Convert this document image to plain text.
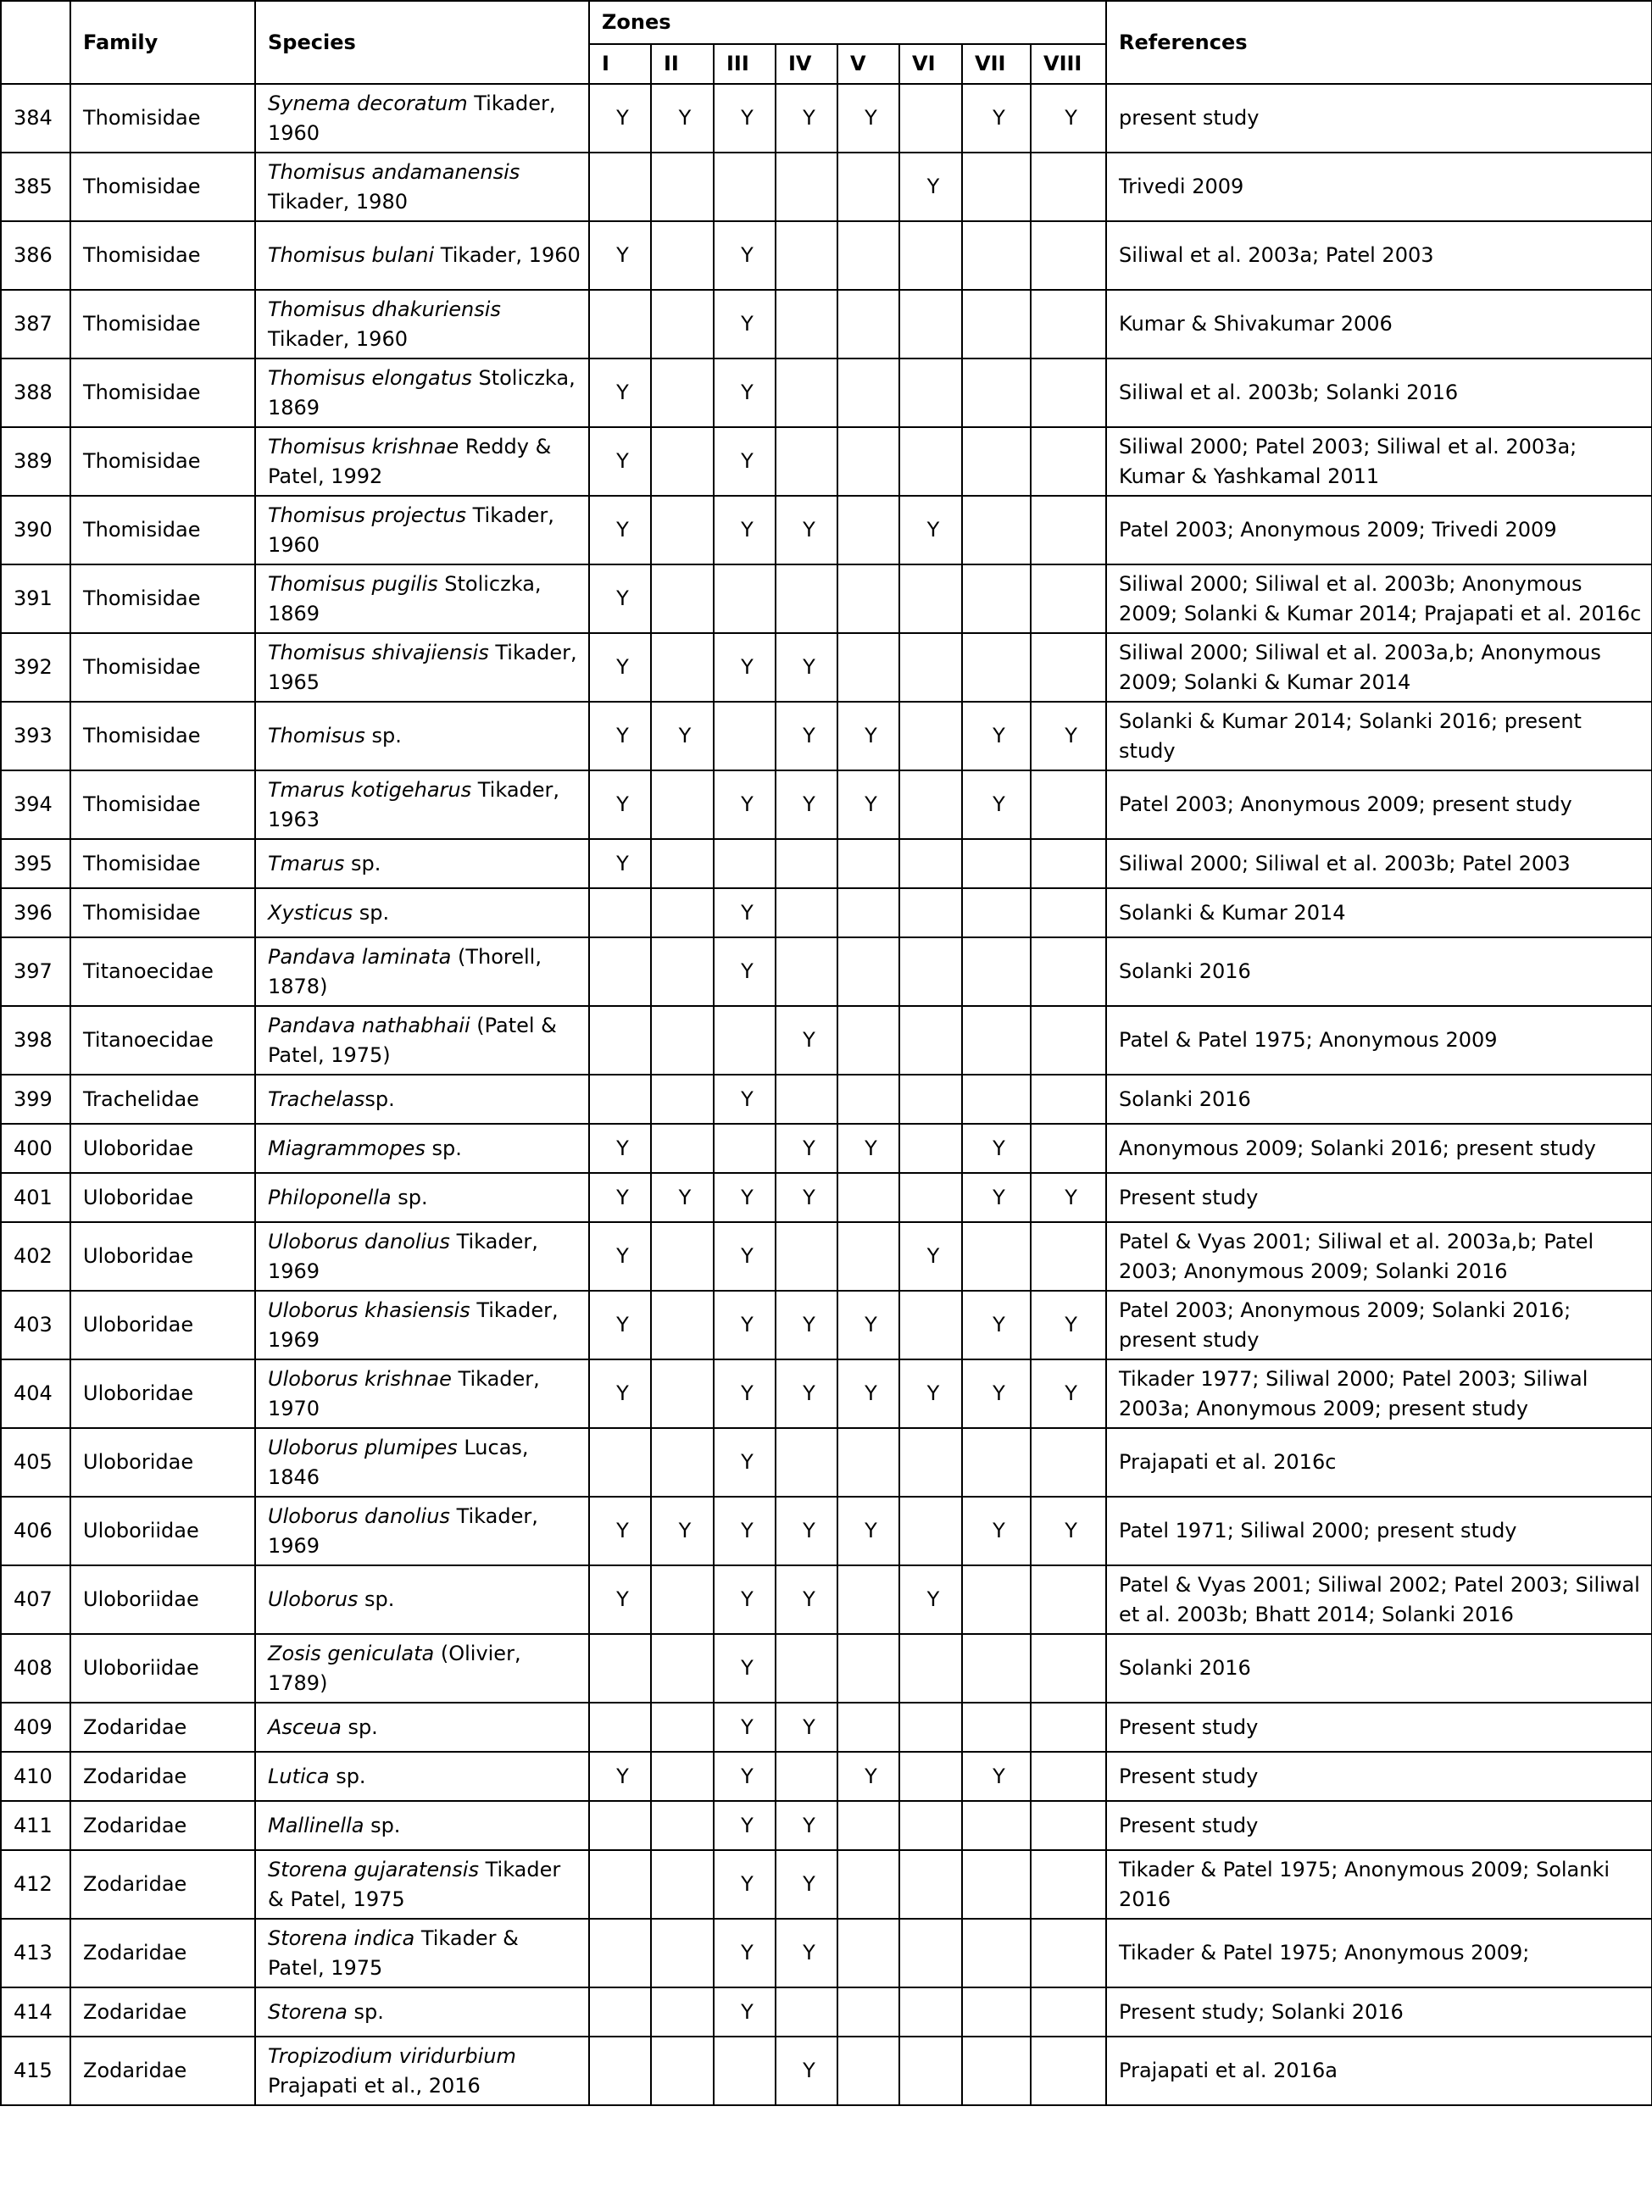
	Family	Species	Zones								References
			I	II	III	IV	V	VI	VII	VIII	
384	Thomisidae	Synema decoratum Tikader, 1960	Y	Y	Y	Y	Y		Y	Y	present study
385	Thomisidae	Thomisus andamanensis Tikader, 1980						Y			Trivedi 2009
386	Thomisidae	Thomisus bulani Tikader, 1960	Y		Y						Siliwal et al. 2003a; Patel 2003
387	Thomisidae	Thomisus dhakuriensis Tikader, 1960			Y						Kumar & Shivakumar 2006
388	Thomisidae	Thomisus elongatus Stoliczka, 1869	Y		Y						Siliwal et al. 2003b; Solanki 2016
389	Thomisidae	Thomisus krishnae Reddy & Patel, 1992	Y		Y						Siliwal 2000; Patel 2003; Siliwal et al. 2003a; Kumar & Yashkamal 2011
390	Thomisidae	Thomisus projectus Tikader, 1960	Y		Y	Y		Y			Patel 2003; Anonymous 2009; Trivedi 2009
391	Thomisidae	Thomisus pugilis Stoliczka, 1869	Y								Siliwal 2000; Siliwal et al. 2003b; Anonymous 2009; Solanki & Kumar 2014; Prajapati et al. 2016c
392	Thomisidae	Thomisus shivajiensis Tikader, 1965	Y		Y	Y					Siliwal 2000; Siliwal et al. 2003a,b; Anonymous 2009; Solanki & Kumar 2014
393	Thomisidae	Thomisus sp.	Y	Y		Y	Y		Y	Y	Solanki & Kumar 2014; Solanki 2016; present study
394	Thomisidae	Tmarus kotigeharus Tikader, 1963	Y		Y	Y	Y		Y		Patel 2003; Anonymous 2009; present study
395	Thomisidae	Tmarus sp.	Y								Siliwal 2000; Siliwal et al. 2003b; Patel 2003
396	Thomisidae	Xysticus sp.			Y						Solanki & Kumar 2014
397	Titanoecidae	Pandava laminata (Thorell, 1878)			Y						Solanki 2016
398	Titanoecidae	Pandava nathabhaii (Patel & Patel, 1975)				Y					Patel & Patel 1975; Anonymous 2009
399	Trachelidae	Trachelassp.			Y						Solanki 2016
400	Uloboridae	Miagrammopes sp.	Y			Y	Y		Y		Anonymous 2009; Solanki 2016; present study
401	Uloboridae	Philoponella sp.	Y	Y	Y	Y			Y	Y	Present study
402	Uloboridae	Uloborus danolius Tikader, 1969	Y		Y			Y			Patel & Vyas 2001; Siliwal et al. 2003a,b; Patel 2003; Anonymous 2009; Solanki 2016
403	Uloboridae	Uloborus khasiensis Tikader, 1969	Y		Y	Y	Y		Y	Y	Patel 2003; Anonymous 2009; Solanki 2016; present study
404	Uloboridae	Uloborus krishnae Tikader, 1970	Y		Y	Y	Y	Y	Y	Y	Tikader 1977; Siliwal 2000; Patel 2003; Siliwal 2003a; Anonymous 2009; present study
405	Uloboridae	Uloborus plumipes Lucas, 1846			Y						Prajapati et al. 2016c
406	Uloboriidae	Uloborus danolius Tikader, 1969	Y	Y	Y	Y	Y		Y	Y	Patel 1971; Siliwal 2000; present study
407	Uloboriidae	Uloborus sp.	Y		Y	Y		Y			Patel & Vyas 2001; Siliwal 2002; Patel 2003; Siliwal et al. 2003b; Bhatt 2014; Solanki 2016
408	Uloboriidae	Zosis geniculata (Olivier, 1789)			Y						Solanki 2016
409	Zodaridae	Asceua sp.			Y	Y					Present study
410	Zodaridae	Lutica sp.	Y		Y		Y		Y		Present study
411	Zodaridae	Mallinella sp.			Y	Y					Present study
412	Zodaridae	Storena gujaratensis Tikader & Patel, 1975			Y	Y					Tikader & Patel 1975; Anonymous 2009; Solanki 2016
413	Zodaridae	Storena indica Tikader & Patel, 1975			Y	Y					Tikader & Patel 1975; Anonymous 2009;
414	Zodaridae	Storena sp.			Y						Present study; Solanki 2016
415	Zodaridae	Tropizodium viridurbium Prajapati et al., 2016				Y					Prajapati et al. 2016a
